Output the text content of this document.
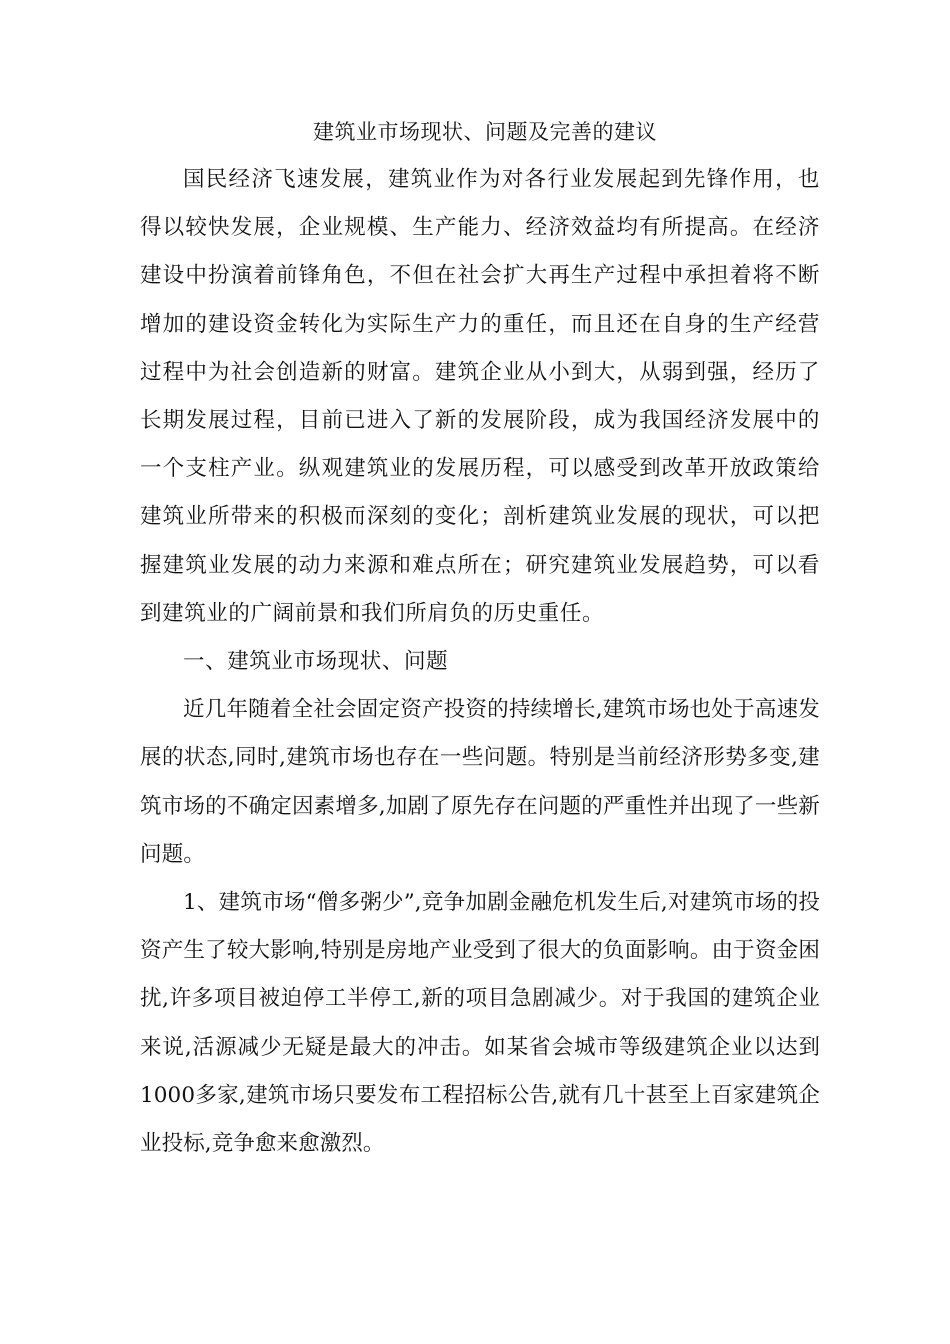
建筑业市场现状、问题及完善的建议

国民经济飞速发展，建筑业作为对各行业发展起到先锋作用，也得以较快发展，企业规模、生产能力、经济效益均有所提高。在经济建设中扮演着前锋角色，不但在社会扩大再生产过程中承担着将不断增加的建设资金转化为实际生产力的重任，而且还在自身的生产经营过程中为社会创造新的财富。建筑企业从小到大，从弱到强，经历了长期发展过程，目前已进入了新的发展阶段，成为我国经济发展中的一个支柱产业。纵观建筑业的发展历程，可以感受到改革开放政策给建筑业所带来的积极而深刻的变化；剖析建筑业发展的现状，可以把握建筑业发展的动力来源和难点所在；研究建筑业发展趋势，可以看到建筑业的广阔前景和我们所肩负的历史重任。

一、建筑业市场现状、问题

近几年随着全社会固定资产投资的持续增长,建筑市场也处于高速发展的状态,同时,建筑市场也存在一些问题。特别是当前经济形势多变,建筑市场的不确定因素增多,加剧了原先存在问题的严重性并出现了一些新问题。

1、建筑市场“僧多粥少”,竞争加剧金融危机发生后,对建筑市场的投资产生了较大影响,特别是房地产业受到了很大的负面影响。由于资金困扰,许多项目被迫停工半停工,新的项目急剧减少。对于我国的建筑企业来说,活源减少无疑是最大的冲击。如某省会城市等级建筑企业以达到1000多家,建筑市场只要发布工程招标公告,就有几十甚至上百家建筑企业投标,竞争愈来愈激烈。
